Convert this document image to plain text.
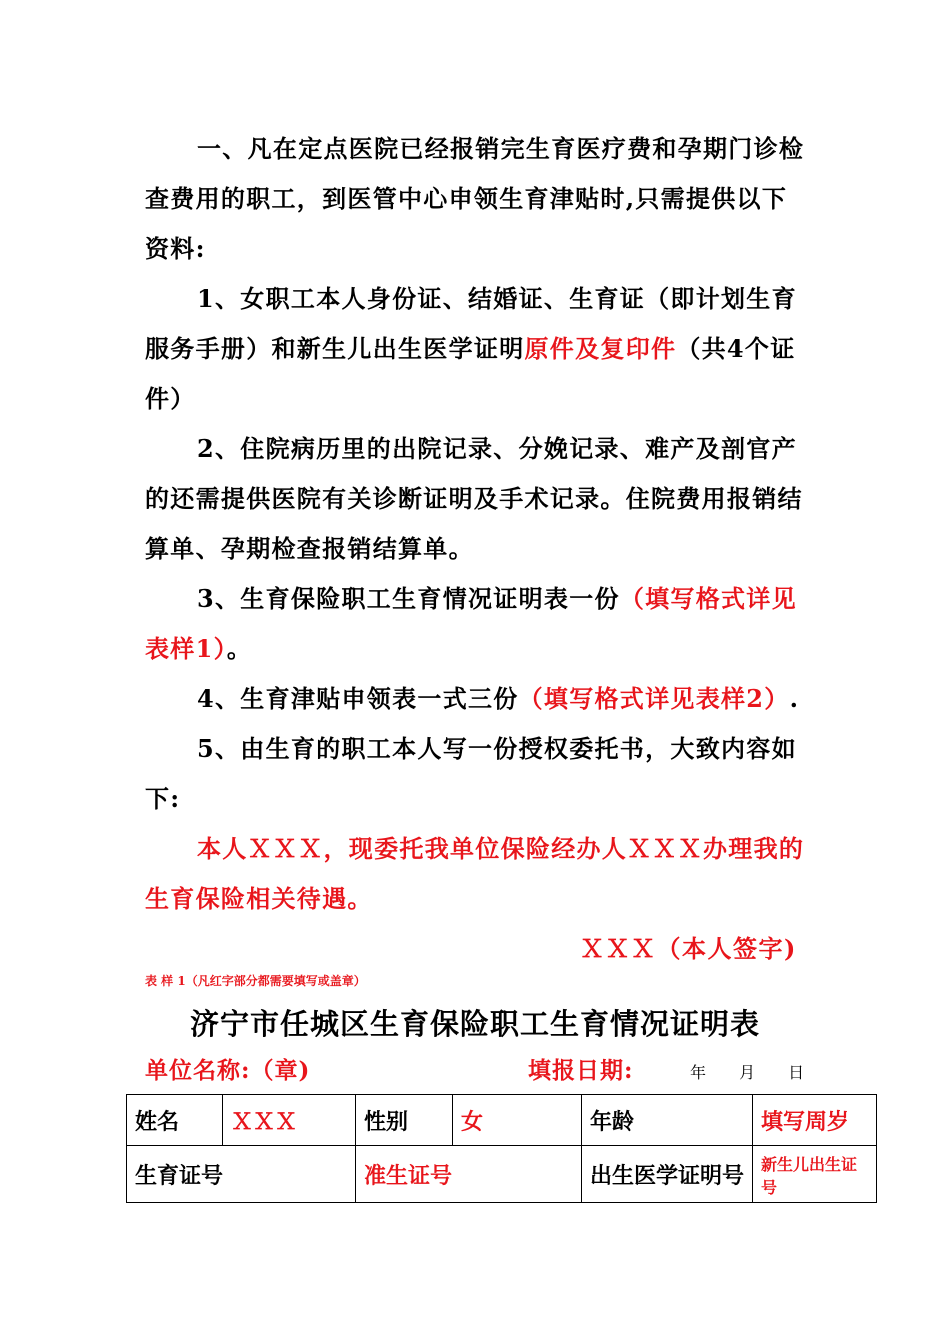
一、凡在定点医院已经报销完生育医疗费和孕期门诊检查费用的职工，到医管中心申领生育津贴时,只需提供以下资料:

1、女职工本人身份证、结婚证、生育证（即计划生育服务手册）和新生儿出生医学证明原件及复印件（共4个证件）

2、住院病历里的出院记录、分娩记录、难产及剖官产的还需提供医院有关诊断证明及手术记录。住院费用报销结算单、孕期检查报销结算单。

3、生育保险职工生育情况证明表一份（填写格式详见表样1）。

4、生育津贴申领表一式三份（填写格式详见表样2）.

5、由生育的职工本人写一份授权委托书，大致内容如下:

本人ＸＸＸ，现委托我单位保险经办人ＸＸＸ办理我的生育保险相关待遇。

ＸＸＸ（本人签字)
表 样 1（凡红字部分都需要填写或盖章）
济宁市任城区生育保险职工生育情况证明表
单位名称:（章)	填报日期:	年 月 日
姓名	ＸＸＸ	性别	女	年龄	填写周岁
生育证号		准生证号		出生医学证明号	新生儿出生证号
